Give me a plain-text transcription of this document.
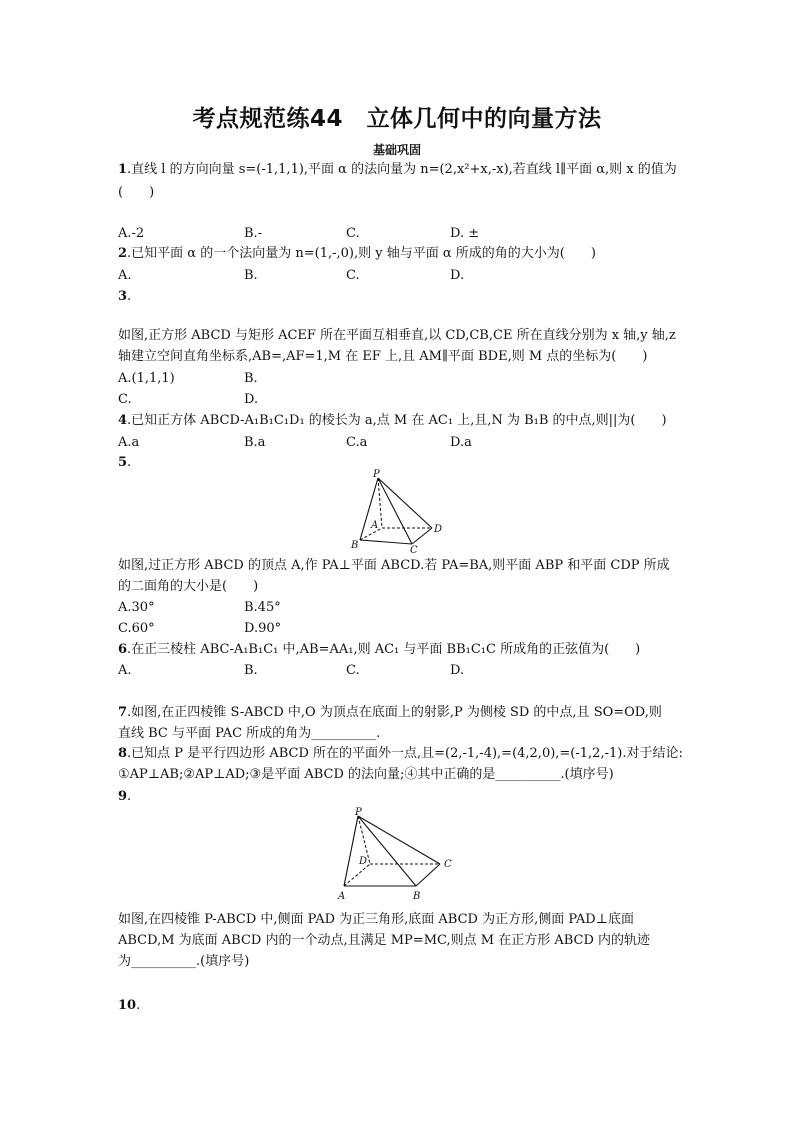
考点规范练44　立体几何中的向量方法
基础巩固
1.直线 l 的方向向量 s=(-1,1,1),平面 α 的法向量为 n=(2,x²+x,-x),若直线 l∥平面 α,则 x 的值为
(　　)
A.-2	B.-	C.	D. ±
2.已知平面 α 的一个法向量为 n=(1,-,0),则 y 轴与平面 α 所成的角的大小为(　　)
A.	B.	C.	D.
3.
如图,正方形 ABCD 与矩形 ACEF 所在平面互相垂直,以 CD,CB,CE 所在直线分别为 x 轴,y 轴,z
轴建立空间直角坐标系,AB=,AF=1,M 在 EF 上,且 AM∥平面 BDE,则 M 点的坐标为(　　)
A.(1,1,1)	B.
C.	D.
4.已知正方体 ABCD-A₁B₁C₁D₁ 的棱长为 a,点 M 在 AC₁ 上,且,N 为 B₁B 的中点,则||为(　　)
A.a	B.a	C.a	D.a
5.
P
A
B	C
D
如图,过正方形 ABCD 的顶点 A,作 PA⊥平面 ABCD.若 PA=BA,则平面 ABP 和平面 CDP 所成
的二面角的大小是(　　)
A.30°	B.45°
C.60°	D.90°
6.在正三棱柱 ABC-A₁B₁C₁ 中,AB=AA₁,则 AC₁ 与平面 BB₁C₁C 所成角的正弦值为(　　)
A.	B.	C.	D.
7.如图,在正四棱锥 S-ABCD 中,O 为顶点在底面上的射影,P 为侧棱 SD 的中点,且 SO=OD,则
直线 BC 与平面 PAC 所成的角为__________.
8.已知点 P 是平行四边形 ABCD 所在的平面外一点,且=(2,-1,-4),=(4,2,0),=(-1,2,-1).对于结论:
①AP⊥AB;②AP⊥AD;③是平面 ABCD 的法向量;④其中正确的是__________.(填序号)
9.
P
D
A	B
C
如图,在四棱锥 P-ABCD 中,侧面 PAD 为正三角形,底面 ABCD 为正方形,侧面 PAD⊥底面
ABCD,M 为底面 ABCD 内的一个动点,且满足 MP=MC,则点 M 在正方形 ABCD 内的轨迹
为__________.(填序号)
10.
